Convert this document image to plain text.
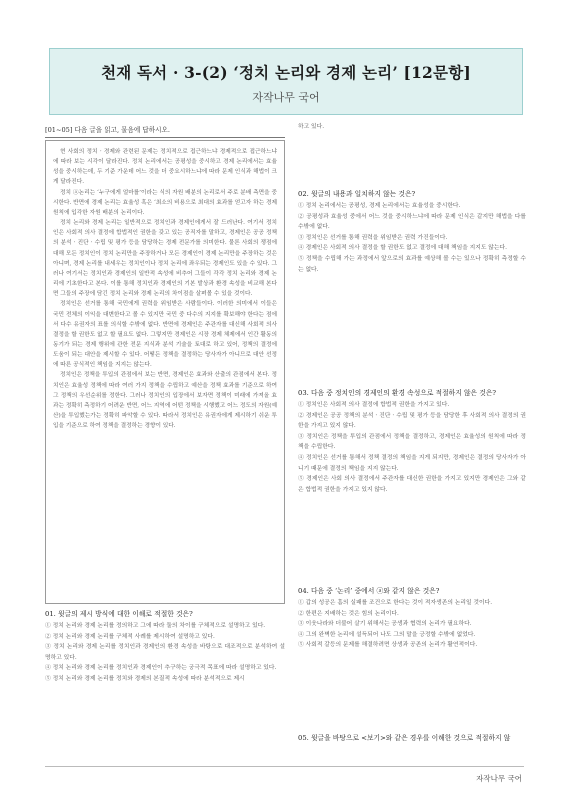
천재 독서 · 3-(2) ‘정치 논리와 경제 논리’ [12문항]
자작나무 국어
[01~05] 다음 글을 읽고, 물음에 답하시오.

현 사회의 정치 · 경제와 관련된 문제는 정치적으로 접근하느냐 경제적으로 접근하느냐에 따라 보는 시각이 달라진다. 정치 논리에서는 공평성을 중시하고 경제 논리에서는 효율성을 중시하는데, 두 기준 가운데 어느 것을 더 중요시하느냐에 따라 문제 인식과 해법이 크게 달라진다.

정치 ⓐ논리는 ‘누구에게 얼마를’이라는 식의 자원 배분의 논리로서 주로 분배 측면을 중시한다. 반면에 경제 논리는 효율성 혹은 ‘최소의 비용으로 최대의 효과를 얻고자 하는 경제 원칙에 입각한 자원 배분의 논리이다.

정치 논리와 경제 논리는 일반적으로 정치인과 경제인에게서 잘 드러난다. 여기서 정치인은 사회적 의사 결정에 합법적인 권한을 갖고 있는 공직자를 말하고, 경제인은 공공 정책의 분석 · 진단 · 수립 및 평가 등을 담당하는 경제 전문가를 의미한다. 물론 사회의 쟁점에 대해 모든 정치인이 정치 논리만을 주장하거나 모든 경제인이 경제 논리만을 주장하는 것은 아니며, 경제 논리를 내세우는 정치인이나 정치 논리에 좌우되는 경제인도 있을 수 있다. 그러나 여기서는 정치인과 경제인의 일반적 속성에 비추어 그들이 각각 정치 논리와 경제 논리에 기초한다고 본다. 이를 통해 정치인과 경제인의 기본 발상과 환경 속성을 비교해 본다면 그들의 주장에 담긴 정치 논리와 경제 논리의 차이점을 살펴볼 수 있을 것이다.

정치인은 선거를 통해 국민에게 권력을 위임받은 사람들이다. 이러한 의미에서 이들은 국민 전체의 이익을 대변한다고 볼 수 있지만 국민 중 다수의 지지를 확보해야 한다는 점에서 다수 유권자의 표를 의식할 수밖에 없다. 반면에 경제인은 주관자를 대신해 사회적 의사 결정을 할 권한도 없고 할 필요도 없다. 그렇지만 경제인은 시장 경제 체제에서 인간 활동의 동기가 되는 경제 행위에 관한 전문 지식과 분석 기술을 토대로 하고 있어, 정책의 결정에 도움이 되는 대안을 제시할 수 있다. 어떻든 정책을 결정하는 당사자가 아니므로 대안 선정에 따른 공식적인 책임을 지지는 않는다.

정치인은 정책을 투입의 관점에서 보는 반면, 경제인은 효과와 산출의 관점에서 본다. 정치인은 효율성 정책에 따라 여러 가지 정책을 수립하고 예산을 정책 효과를 기준으로 하여 그 정책의 우선순위를 정한다. 그러나 정치인의 입장에서 보자면 정책이 미래에 가져올 효과는 정확히 측정하기 어려운 반면, 어느 지역에 어떤 정책을 시행했고 어느 정도의 자원(예산)을 투입했는가는 정확히 파악할 수 있다. 따라서 정치인은 유권자에게 제시하기 쉬운 투입을 기준으로 하여 정책을 결정하는 경향이 있다.

01. 윗글의 제시 방식에 대한 이해로 적절한 것은?
① 정치 논리와 경제 논리를 정의하고 그에 따라 둘의 차이를 구체적으로 설명하고 있다.
② 정치 논리와 경제 논리를 구체적 사례를 제시하여 설명하고 있다.
③ 정치 논리와 경제 논리를 정치인과 경제인의 환경 속성을 바탕으로 대조적으로 분석하여 설명하고 있다.
④ 정치 논리와 경제 논리를 정치인과 경제인이 추구하는 궁극적 목표에 따라 설명하고 있다.
⑤ 정치 논리와 경제 논리를 정치와 경제의 본질적 속성에 따라 분석적으로 제시
하고 있다.
02. 윗글의 내용과 일치하지 않는 것은?
① 정치 논리에서는 공평성, 경제 논리에서는 효율성을 중시한다.
② 공평성과 효율성 중에서 어느 것을 중시하느냐에 따라 문제 인식은 같지만 해법을 다를 수밖에 없다.
③ 정치인은 선거를 통해 권력을 위임받은 권력 가진들이다.
④ 경제인은 사회적 의사 결정을 할 권한도 없고 결정에 대해 책임을 지지도 않는다.
⑤ 정책을 수립해 가는 과정에서 앞으로의 효과를 예상해 볼 수는 있으나 정확히 측정할 수는 없다.
03. 다음 중 정치인의 경제인의 환경 속성으로 적절하지 않은 것은?
① 정치인은 사회적 의사 결정에 합법적 권한을 가지고 있다.
② 경제인은 공공 정책의 분석 · 진단 · 수립 및 평가 등을 담당한 후 사회적 의사 결정의 권한을 가지고 있지 않다.
③ 정치인은 정책을 투입의 관점에서 정책을 결정하고, 경제인은 효율성의 원칙에 따라 정책을 수립한다.
④ 정치인은 선거를 통해서 정책 결정의 책임을 지게 되지만, 경제인은 결정의 당사자가 아니기 때문에 결정의 책임을 지지 않는다.
⑤ 경제인은 사회 의사 결정에서 주관자를 대신한 권한을 가지고 있지만 경제인은 그와 같은 합법적 권한을 가지고 있지 않다.
04. 다음 중 ‘논리’ 중에서 ⓐ와 같지 않은 것은?
① 갑의 성공은 흠의 실패를 조건으로 한다는 것이 적자생존의 논리일 것이다.
② 한편은 지배하는 것은 힘의 논리이다.
③ 이웃나라와 더불어 살기 위해서는 공생과 협력의 논리가 필요하다.
④ 그의 완벽한 논리에 설득되어 나도 그의 말을 긍정할 수밖에 없었다.
⑤ 사회적 갈등의 문제를 해결하려면 상생과 공존의 논리가 활연적이다.
05. 윗글을 바탕으로 <보기>와 같은 경우를 이해한 것으로 적절하지 않
자작나무 국어
